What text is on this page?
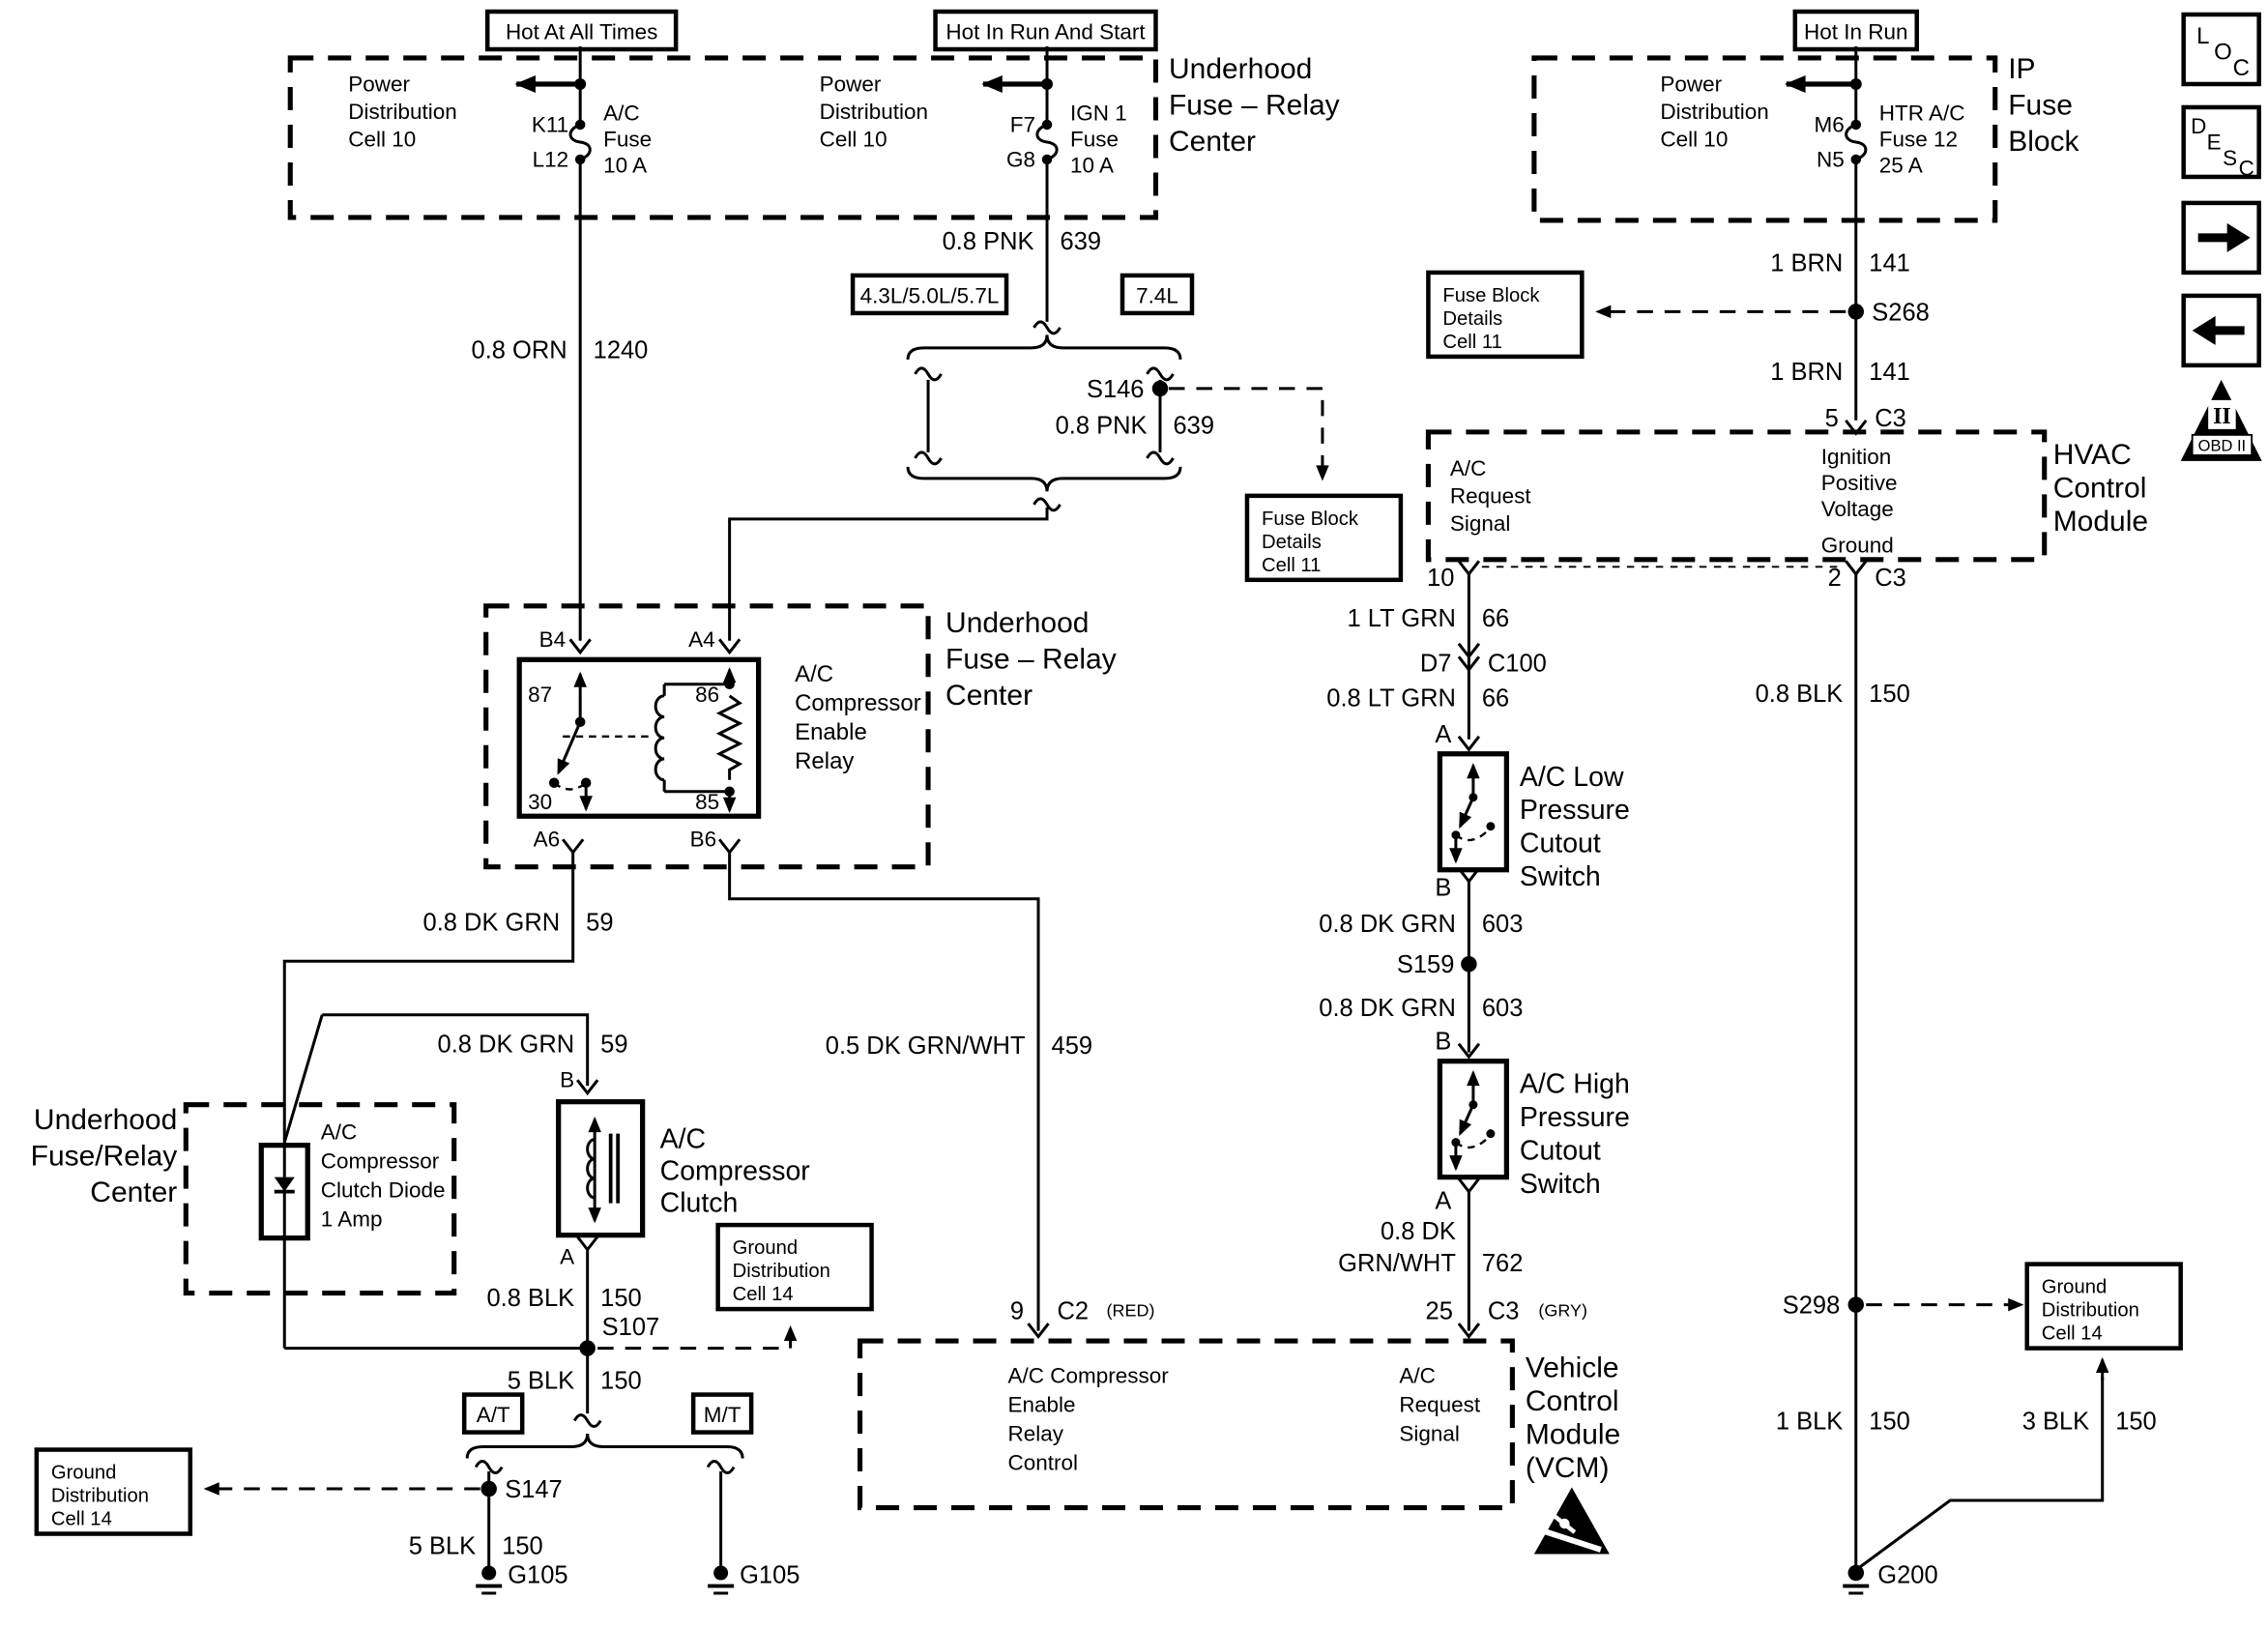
Hot At All Times	Hot In Run And Start	Hot In Run
Power
Distribution
Cell 10
K11
L12
A/C
Fuse
10 A
0.8 ORN 1240
Power
Distribution
Cell 10
F7
G8
IGN 1
Fuse
10 A
Underhood
Fuse – Relay
Center
Power
Distribution
Cell 10
M6
N5
HTR A/C
Fuse 12
25 A
IP
Fuse
Block
0.8 PNK 639
4.3L/5.0L/5.7L	7.4L
S146
0.8 PNK 639
Fuse Block
Details
Cell 11
Underhood
Fuse – Relay
Center
B4	A4
87	86
30	85
A/C
Compressor
Enable
Relay
A6	B6
0.8 DK GRN 59
0.8 DK GRN 59
Underhood
Fuse/Relay
Center
A/C
Compressor
Clutch Diode
1 Amp
B
A/C
Compressor
Clutch
A
0.8 BLK 150
S107
Ground
Distribution
Cell 14
5 BLK 150
A/T	M/T
S147
5 BLK 150
G105	G105
Ground
Distribution
Cell 14
0.5 DK GRN/WHT 459
1 BRN 141
S268
1 BRN 141
5 C3
Fuse Block
Details
Cell 11
A/C
Request
Signal
Ignition
Positive
Voltage
Ground
HVAC
Control
Module
10	2 C3
1 LT GRN 66
D7 C100
0.8 LT GRN 66
A
A/C Low
Pressure
Cutout
Switch
B
0.8 DK GRN 603
S159
0.8 DK GRN 603
B
A/C High
Pressure
Cutout
Switch
A
0.8 DK
GRN/WHT 762
9 C2 (RED)	25 C3 (GRY)
A/C Compressor
Enable
Relay
Control
A/C
Request
Signal
Vehicle
Control
Module
(VCM)
0.8 BLK 150
S298
Ground
Distribution
Cell 14
3 BLK 150
1 BLK 150
G200
L
O
C
D
E
S C
II
OBD II
